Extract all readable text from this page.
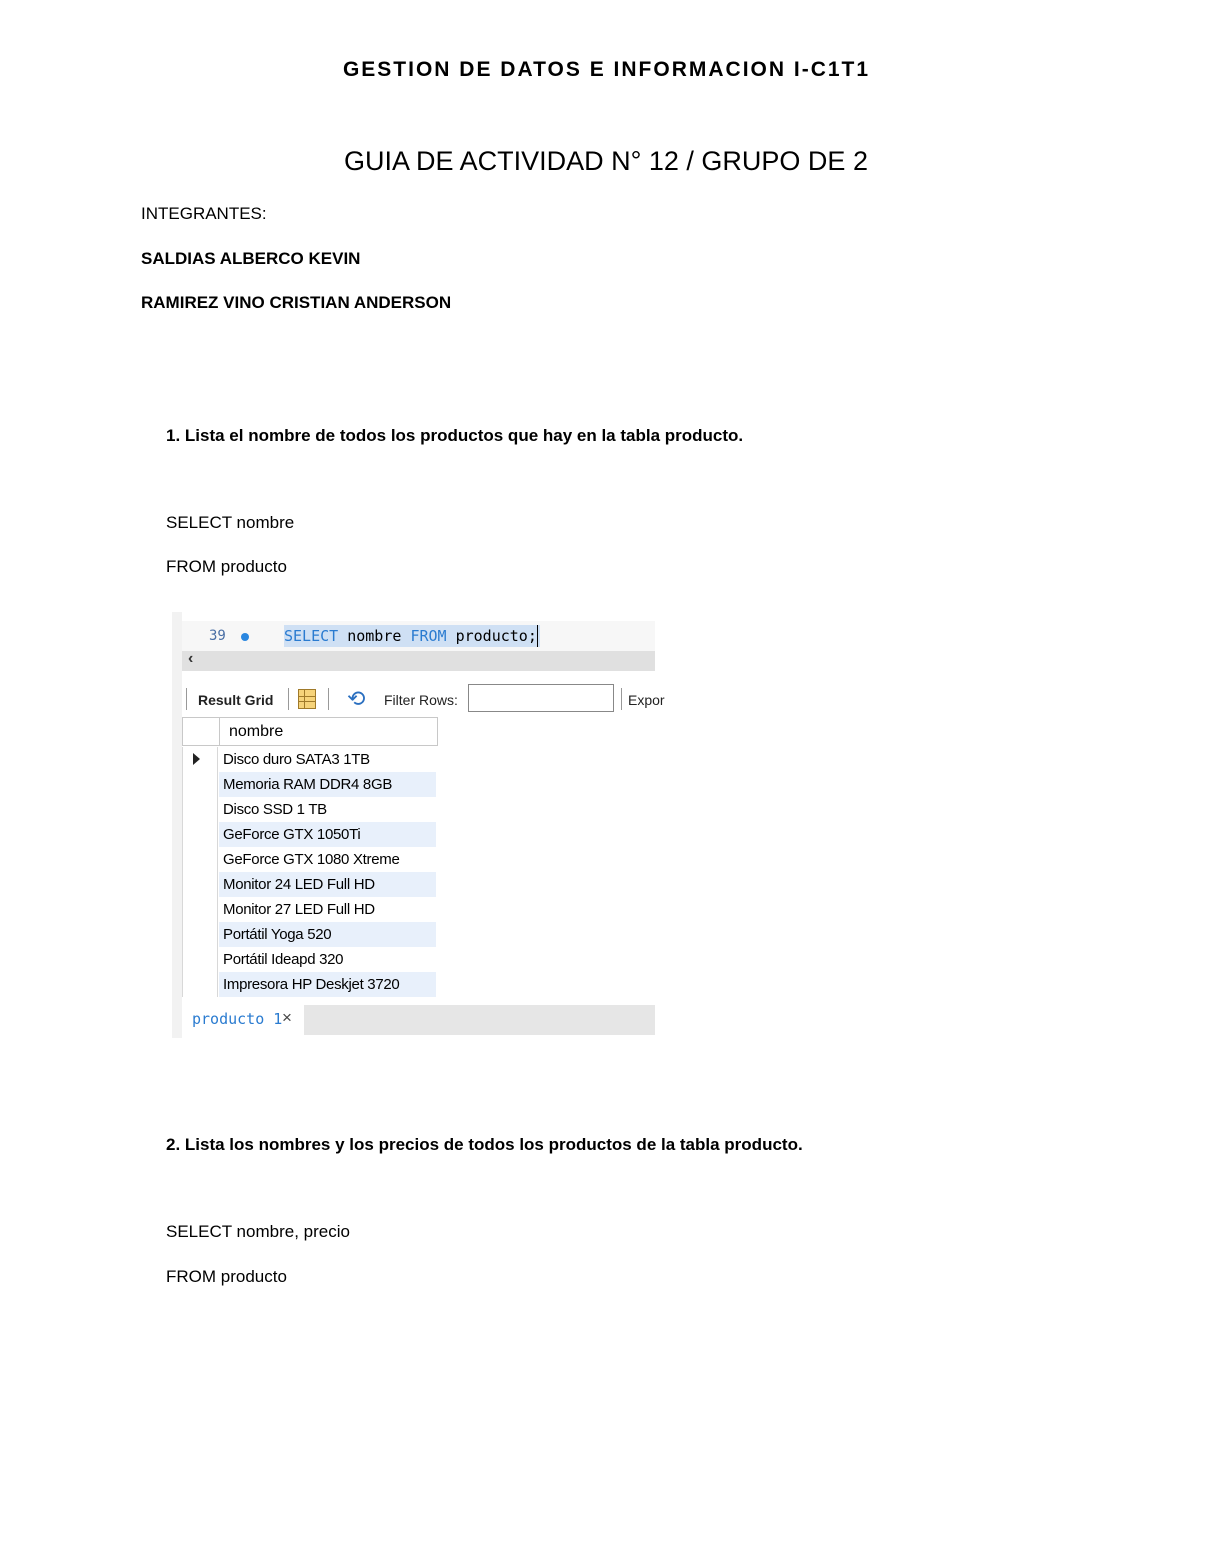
GESTION DE DATOS E INFORMACION I-C1T1
GUIA DE ACTIVIDAD N° 12 / GRUPO DE 2
INTEGRANTES:
SALDIAS ALBERCO KEVIN
RAMIREZ VINO CRISTIAN ANDERSON
1. Lista el nombre de todos los productos que hay en la tabla producto.
SELECT nombre
FROM producto
39	SELECT nombre FROM producto;
‹
Result Grid	⟲ Filter Rows:	Expor
nombre
Disco duro SATA3 1TB
Memoria RAM DDR4 8GB
Disco SSD 1 TB
GeForce GTX 1050Ti
GeForce GTX 1080 Xtreme
Monitor 24 LED Full HD
Monitor 27 LED Full HD
Portátil Yoga 520
Portátil Ideapd 320
Impresora HP Deskjet 3720
producto 1 ×
2. Lista los nombres y los precios de todos los productos de la tabla producto.
SELECT nombre, precio
FROM producto
